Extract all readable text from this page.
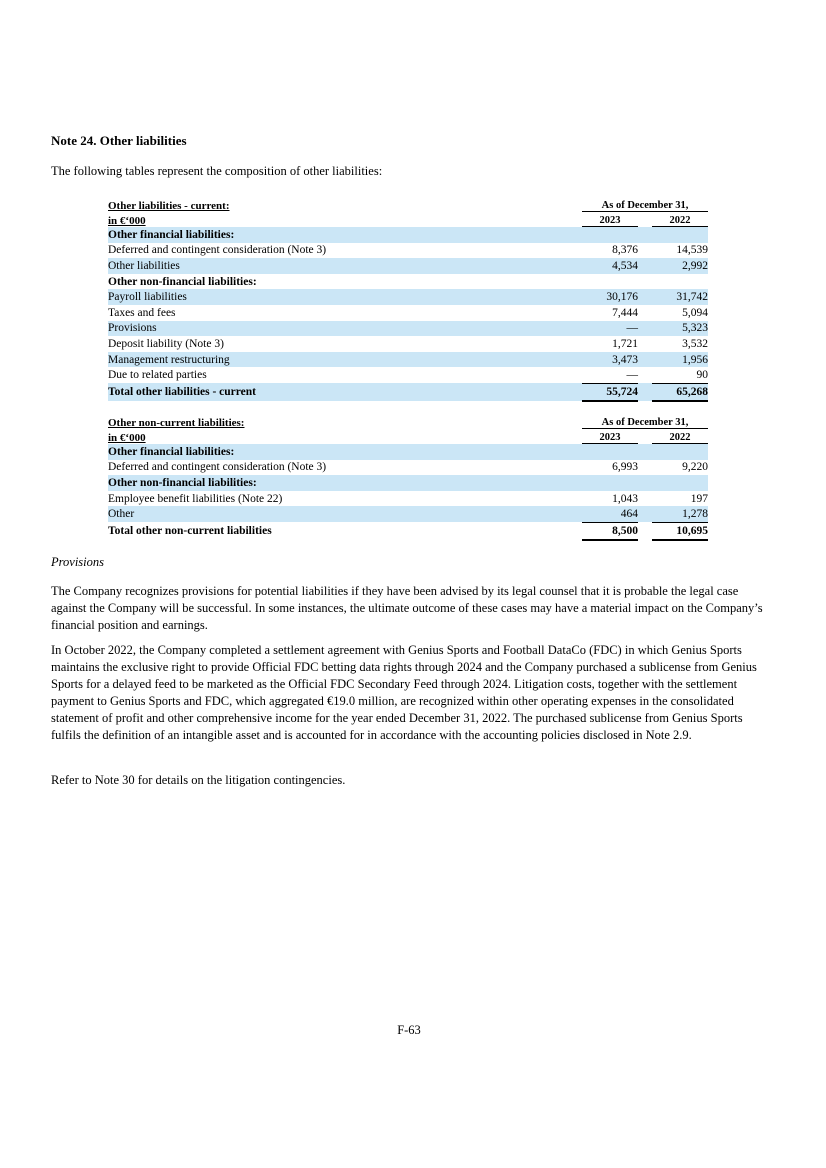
Note 24. Other liabilities
The following tables represent the composition of other liabilities:
Other liabilities - current:	As of December 31,		
in €‘000	2023		2022
Other financial liabilities:			
Deferred and contingent consideration (Note 3)	8,376		14,539
Other liabilities	4,534		2,992
Other non-financial liabilities:			
Payroll liabilities	30,176		31,742
Taxes and fees	7,444		5,094
Provisions	—		5,323
Deposit liability (Note 3)	1,721		3,532
Management restructuring	3,473		1,956
Due to related parties	—		90
Total other liabilities - current	55,724		65,268
Other non-current liabilities:	As of December 31,		
in €‘000	2023		2022
Other financial liabilities:			
Deferred and contingent consideration (Note 3)	6,993		9,220
Other non-financial liabilities:			
Employee benefit liabilities (Note 22)	1,043		197
Other	464		1,278
Total other non-current liabilities	8,500		10,695
Provisions
The Company recognizes provisions for potential liabilities if they have been advised by its legal counsel that it is probable the legal case against the Company will be successful. In some instances, the ultimate outcome of these cases may have a material impact on the Company’s financial position and earnings.
In October 2022, the Company completed a settlement agreement with Genius Sports and Football DataCo (FDC) in which Genius Sports maintains the exclusive right to provide Official FDC betting data rights through 2024 and the Company purchased a sublicense from Genius Sports for a delayed feed to be marketed as the Official FDC Secondary Feed through 2024. Litigation costs, together with the settlement payment to Genius Sports and FDC, which aggregated €19.0 million, are recognized within other operating expenses in the consolidated statement of profit and other comprehensive income for the year ended December 31, 2022. The purchased sublicense from Genius Sports fulfils the definition of an intangible asset and is accounted for in accordance with the accounting policies disclosed in Note 2.9.
Refer to Note 30 for details on the litigation contingencies.
F-63
